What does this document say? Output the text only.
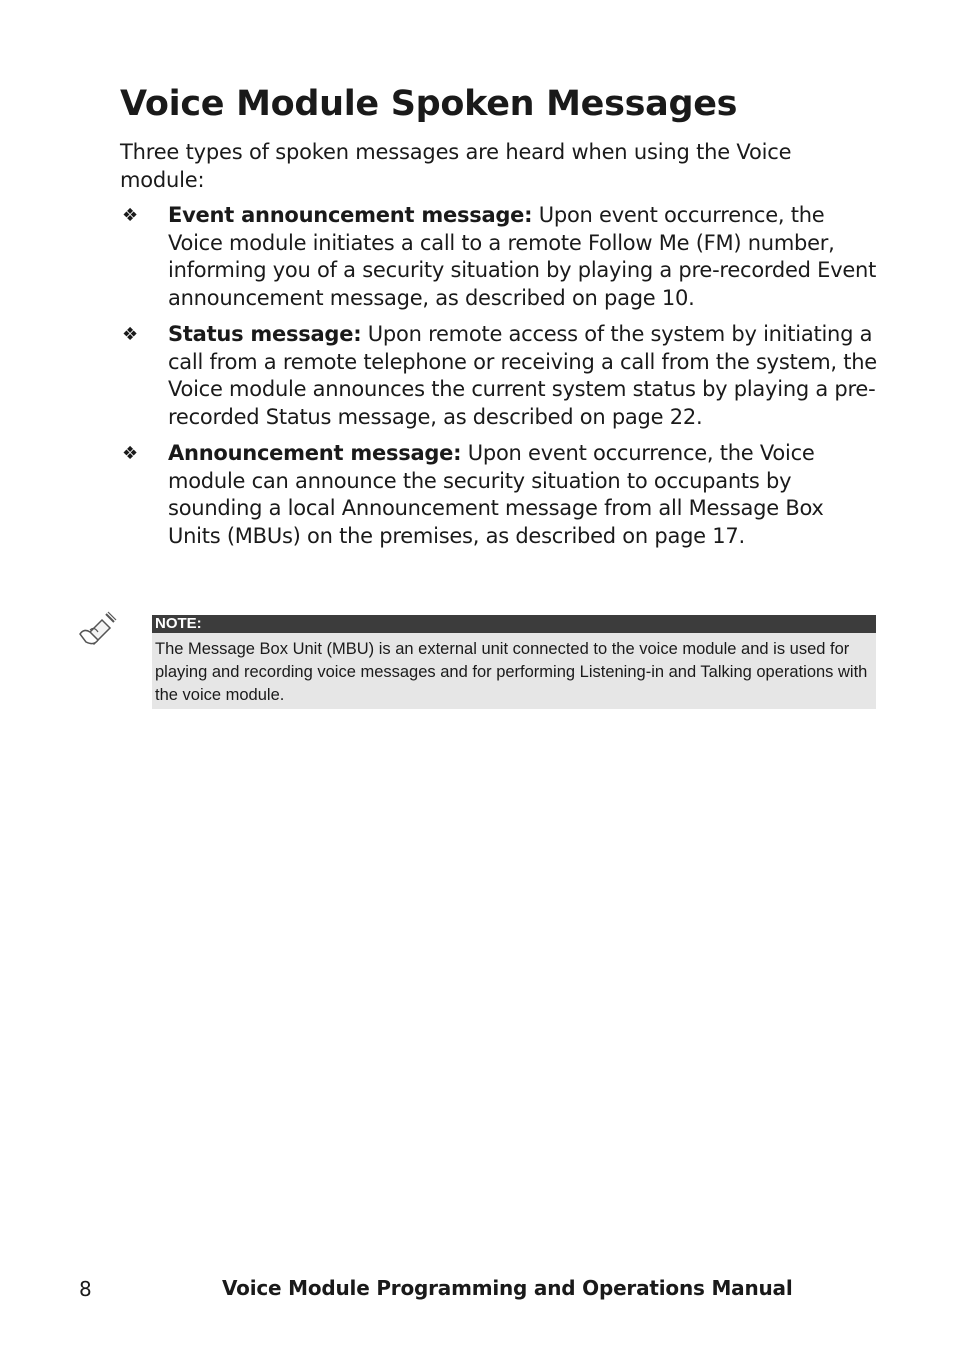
Voice Module Spoken Messages

Three types of spoken messages are heard when using the Voice module:

❖ Event announcement message: Upon event occurrence, the Voice module initiates a call to a remote Follow Me (FM) number, informing you of a security situation by playing a pre-recorded Event announcement message, as described on page 10.
❖ Status message: Upon remote access of the system by initiating a call from a remote telephone or receiving a call from the system, the Voice module announces the current system status by playing a pre-recorded Status message, as described on page 22.
❖ Announcement message: Upon event occurrence, the Voice module can announce the security situation to occupants by sounding a local Announcement message from all Message Box Units (MBUs) on the premises, as described on page 17.
NOTE:
The Message Box Unit (MBU) is an external unit connected to the voice module and is used for playing and recording voice messages and for performing Listening-in and Talking operations with the voice module.
8	Voice Module Programming and Operations Manual
